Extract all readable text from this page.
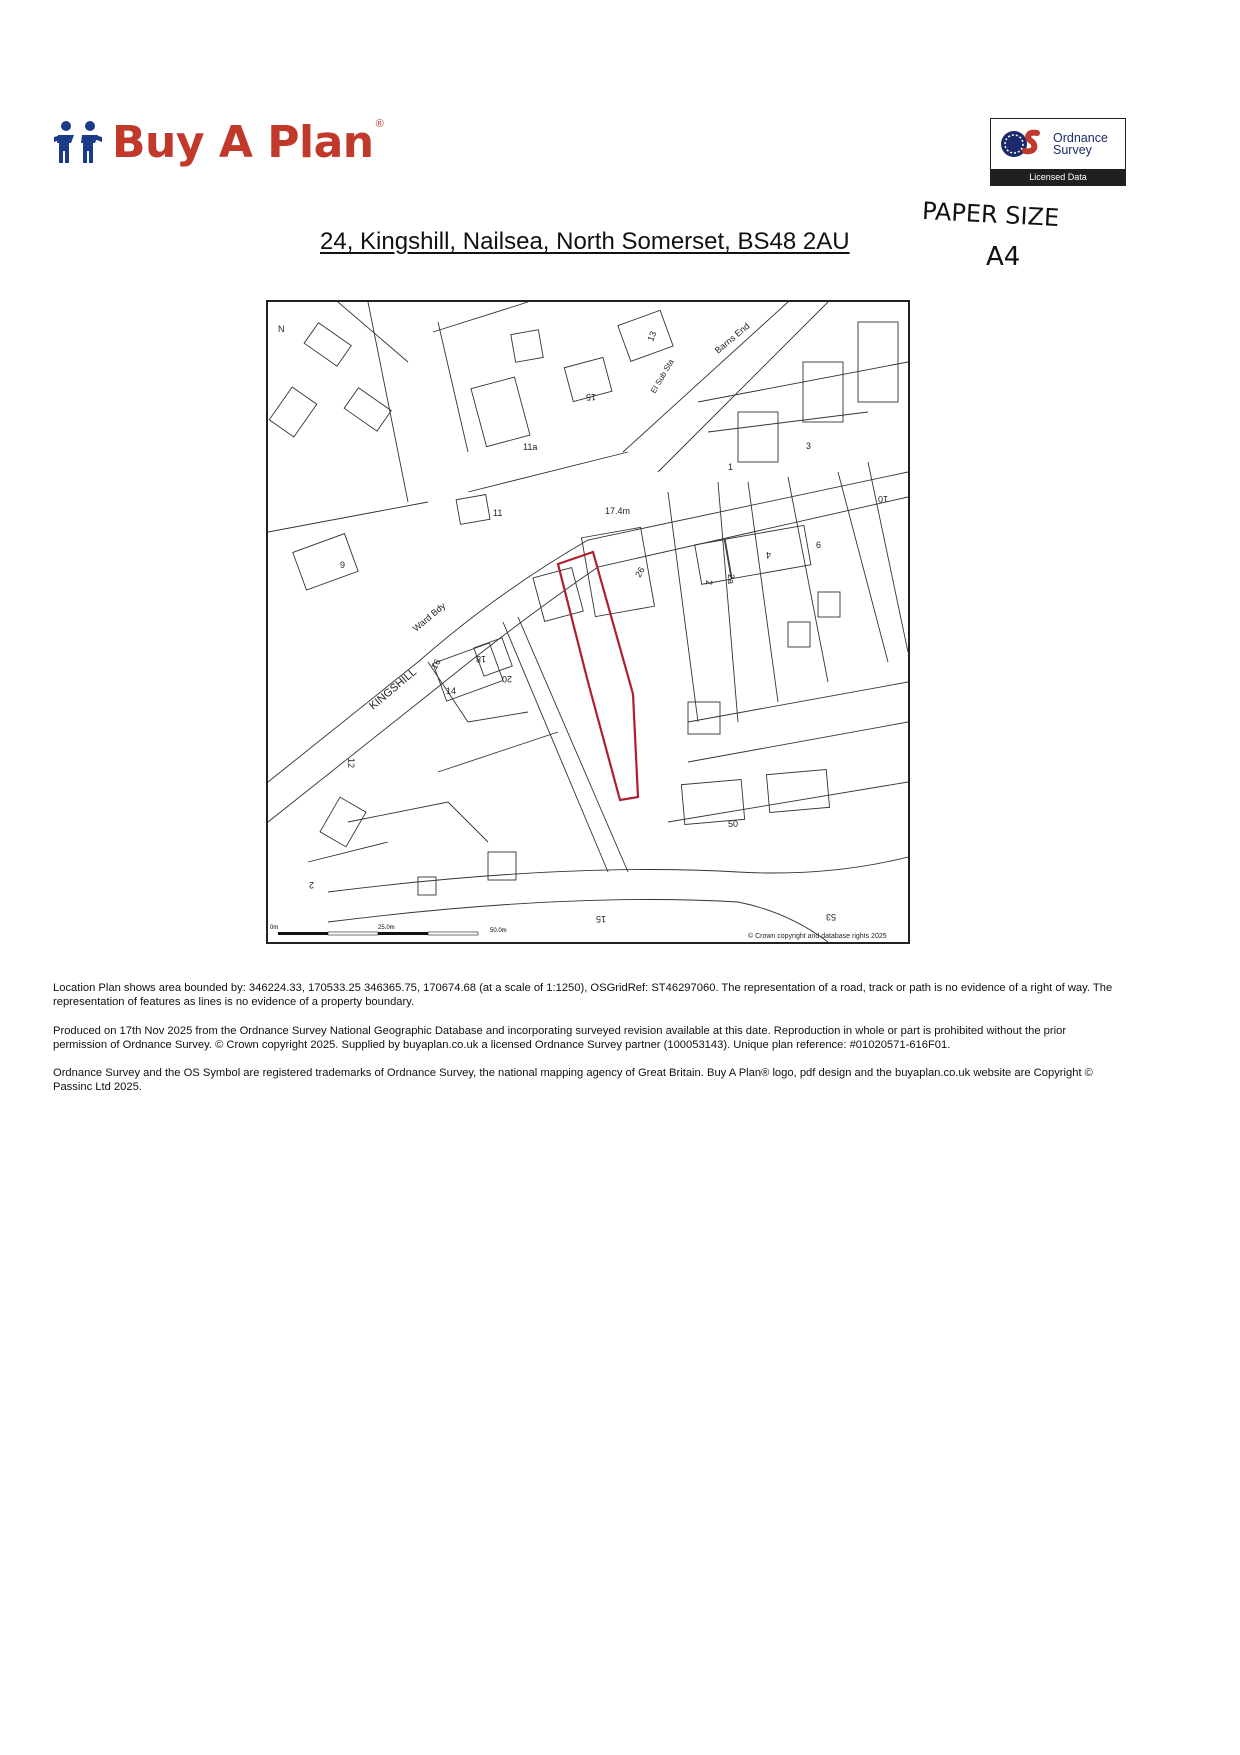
Buy A Plan ®
Ordnance
Survey
Licensed Data
24, Kingshill, Nailsea, North Somerset, BS48 2AU
PAPER SIZE
A4
N
KINGSHILL
Ward Bdy
Barns End
El Sub Sta
17.4m
13
15
11a
11
9
1
3
10
6
4
2a
2
26
18
16
14
20
12
2
50
15	53
0m	25.0m	50.0m
© Crown copyright and database rights 2025
Location Plan shows area bounded by: 346224.33, 170533.25 346365.75, 170674.68 (at a scale of 1:1250), OSGridRef: ST46297060. The representation of a road, track or path is no evidence of a right of way. The representation of features as lines is no evidence of a property boundary.
Produced on 17th Nov 2025 from the Ordnance Survey National Geographic Database and incorporating surveyed revision available at this date. Reproduction in whole or part is prohibited without the prior permission of Ordnance Survey. © Crown copyright 2025. Supplied by buyaplan.co.uk a licensed Ordnance Survey partner (100053143). Unique plan reference: #01020571-616F01.
Ordnance Survey and the OS Symbol are registered trademarks of Ordnance Survey, the national mapping agency of Great Britain. Buy A Plan® logo, pdf design and the buyaplan.co.uk website are Copyright © Passinc Ltd 2025.
